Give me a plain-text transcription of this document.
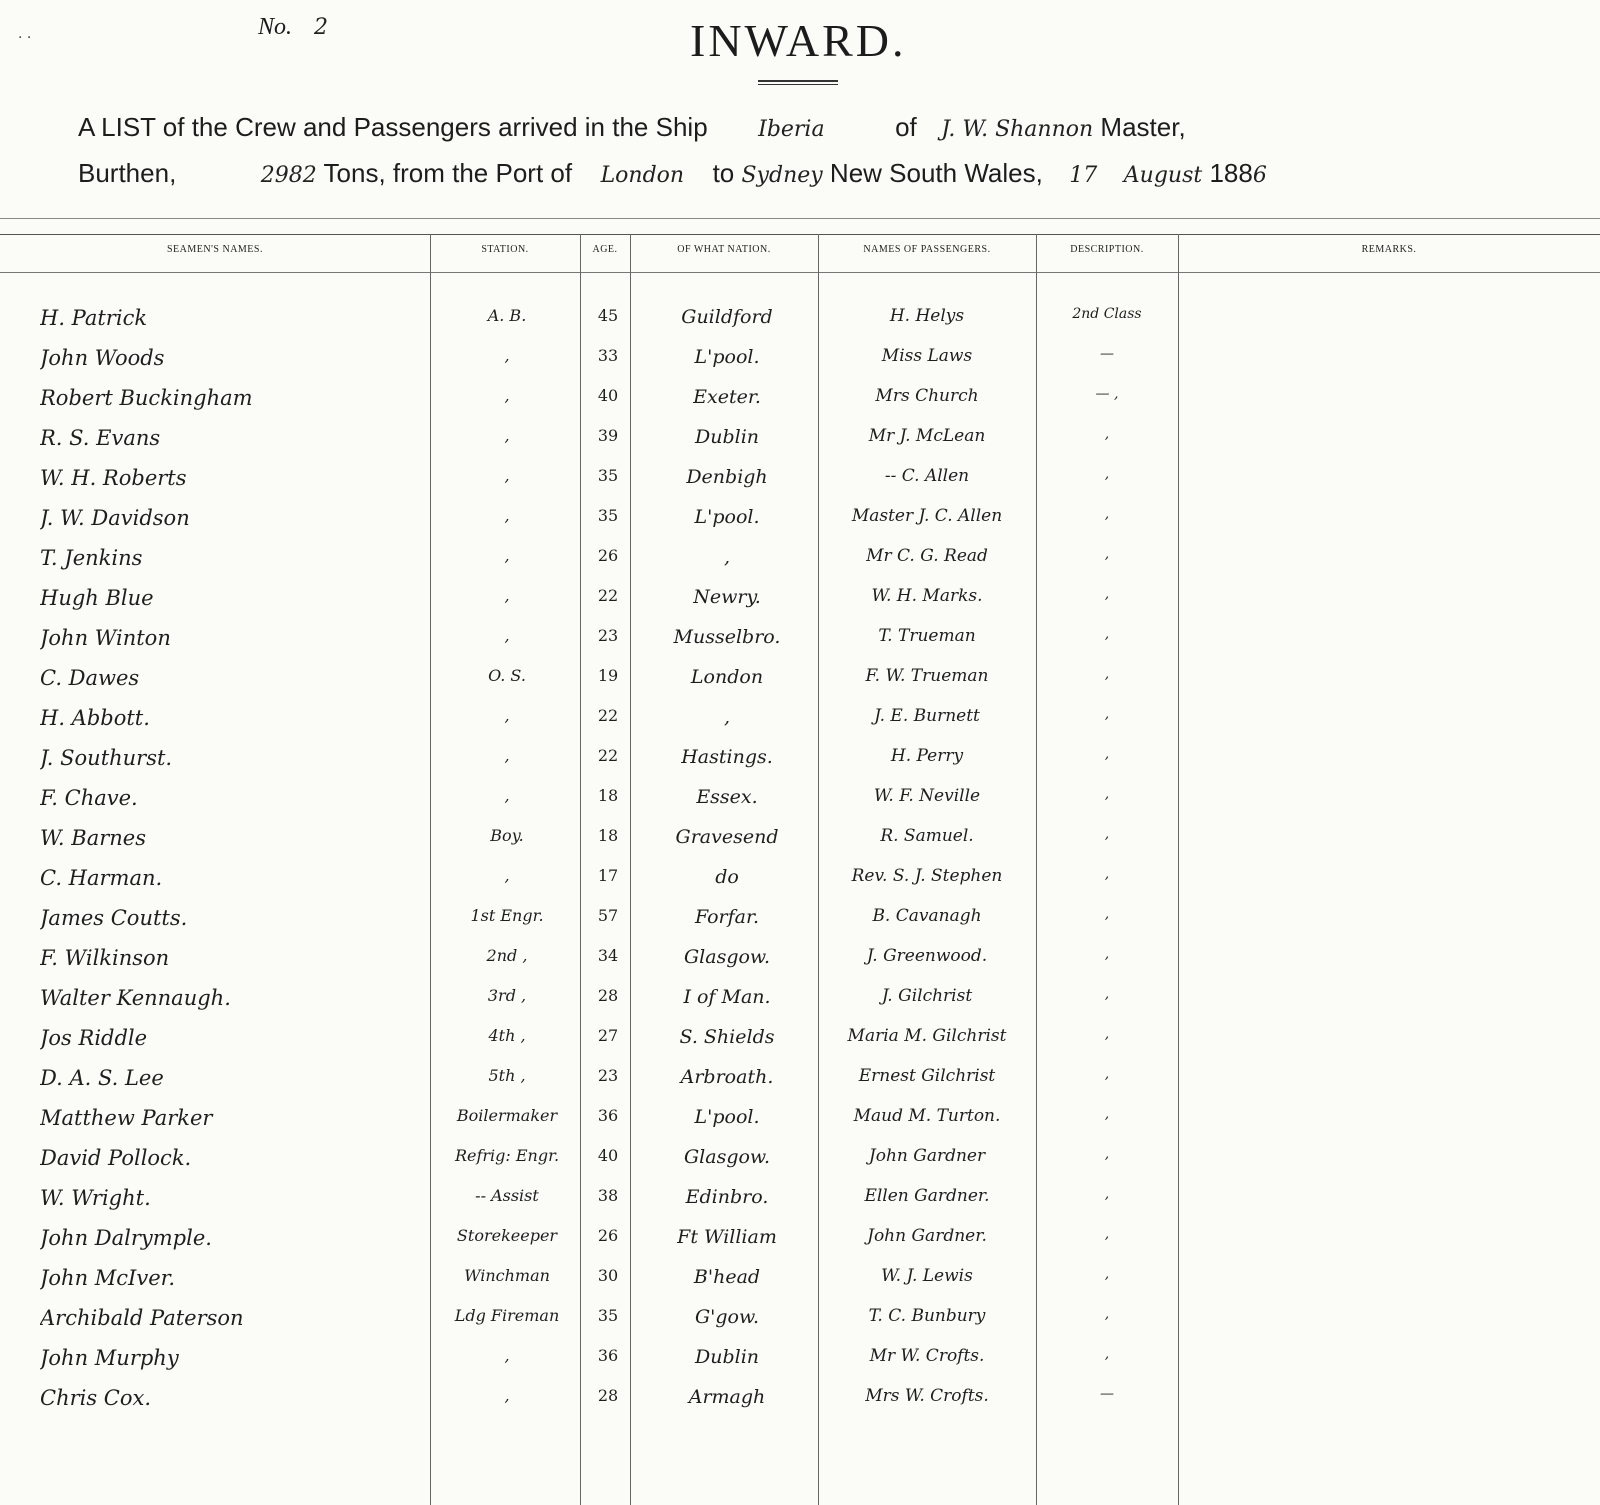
· ·	No. 2	INWARD.
A LIST of the Crew and Passengers arrived in the Ship Iberia	of J. W. Shannon Master,
Burthen,	2982 Tons, from the Port of London to Sydney New South Wales, 17 August 1886
SEAMEN'S NAMES.	STATION.	AGE.	OF WHAT NATION.	NAMES OF PASSENGERS.	DESCRIPTION.	REMARKS.
H. Patrick	A. B.	45	Guildford	H. Helys	2nd Class
John Woods	,	33	L'pool.	Miss Laws	—
Robert Buckingham	,	40	Exeter.	Mrs Church	— ,
R. S. Evans	,	39	Dublin	Mr J. McLean	,
W. H. Roberts	,	35	Denbigh	-- C. Allen	,
J. W. Davidson	,	35	L'pool.	Master J. C. Allen	,
T. Jenkins	,	26	,	Mr C. G. Read	,
Hugh Blue	,	22	Newry.	W. H. Marks.	,
John Winton	,	23	Musselbro.	T. Trueman	,
C. Dawes	O. S.	19	London	F. W. Trueman	,
H. Abbott.	,	22	,	J. E. Burnett	,
J. Southurst.	,	22	Hastings.	H. Perry	,
F. Chave.	,	18	Essex.	W. F. Neville	,
W. Barnes	Boy.	18	Gravesend	R. Samuel.	,
C. Harman.	,	17	do	Rev. S. J. Stephen	,
James Coutts.	1st Engr.	57	Forfar.	B. Cavanagh	,
F. Wilkinson	2nd ,	34	Glasgow.	J. Greenwood.	,
Walter Kennaugh.	3rd ,	28	I of Man.	J. Gilchrist	,
Jos Riddle	4th ,	27	S. Shields	Maria M. Gilchrist	,
D. A. S. Lee	5th ,	23	Arbroath.	Ernest Gilchrist	,
Matthew Parker	Boilermaker	36	L'pool.	Maud M. Turton.	,
David Pollock.	Refrig: Engr.	40	Glasgow.	John Gardner	,
W. Wright.	-- Assist	38	Edinbro.	Ellen Gardner.	,
John Dalrymple.	Storekeeper	26	Ft William	John Gardner.	,
John McIver.	Winchman	30	B'head	W. J. Lewis	,
Archibald Paterson	Ldg Fireman	35	G'gow.	T. C. Bunbury	,
John Murphy	,	36	Dublin	Mr W. Crofts.	,
Chris Cox.	,	28	Armagh	Mrs W. Crofts.	—
